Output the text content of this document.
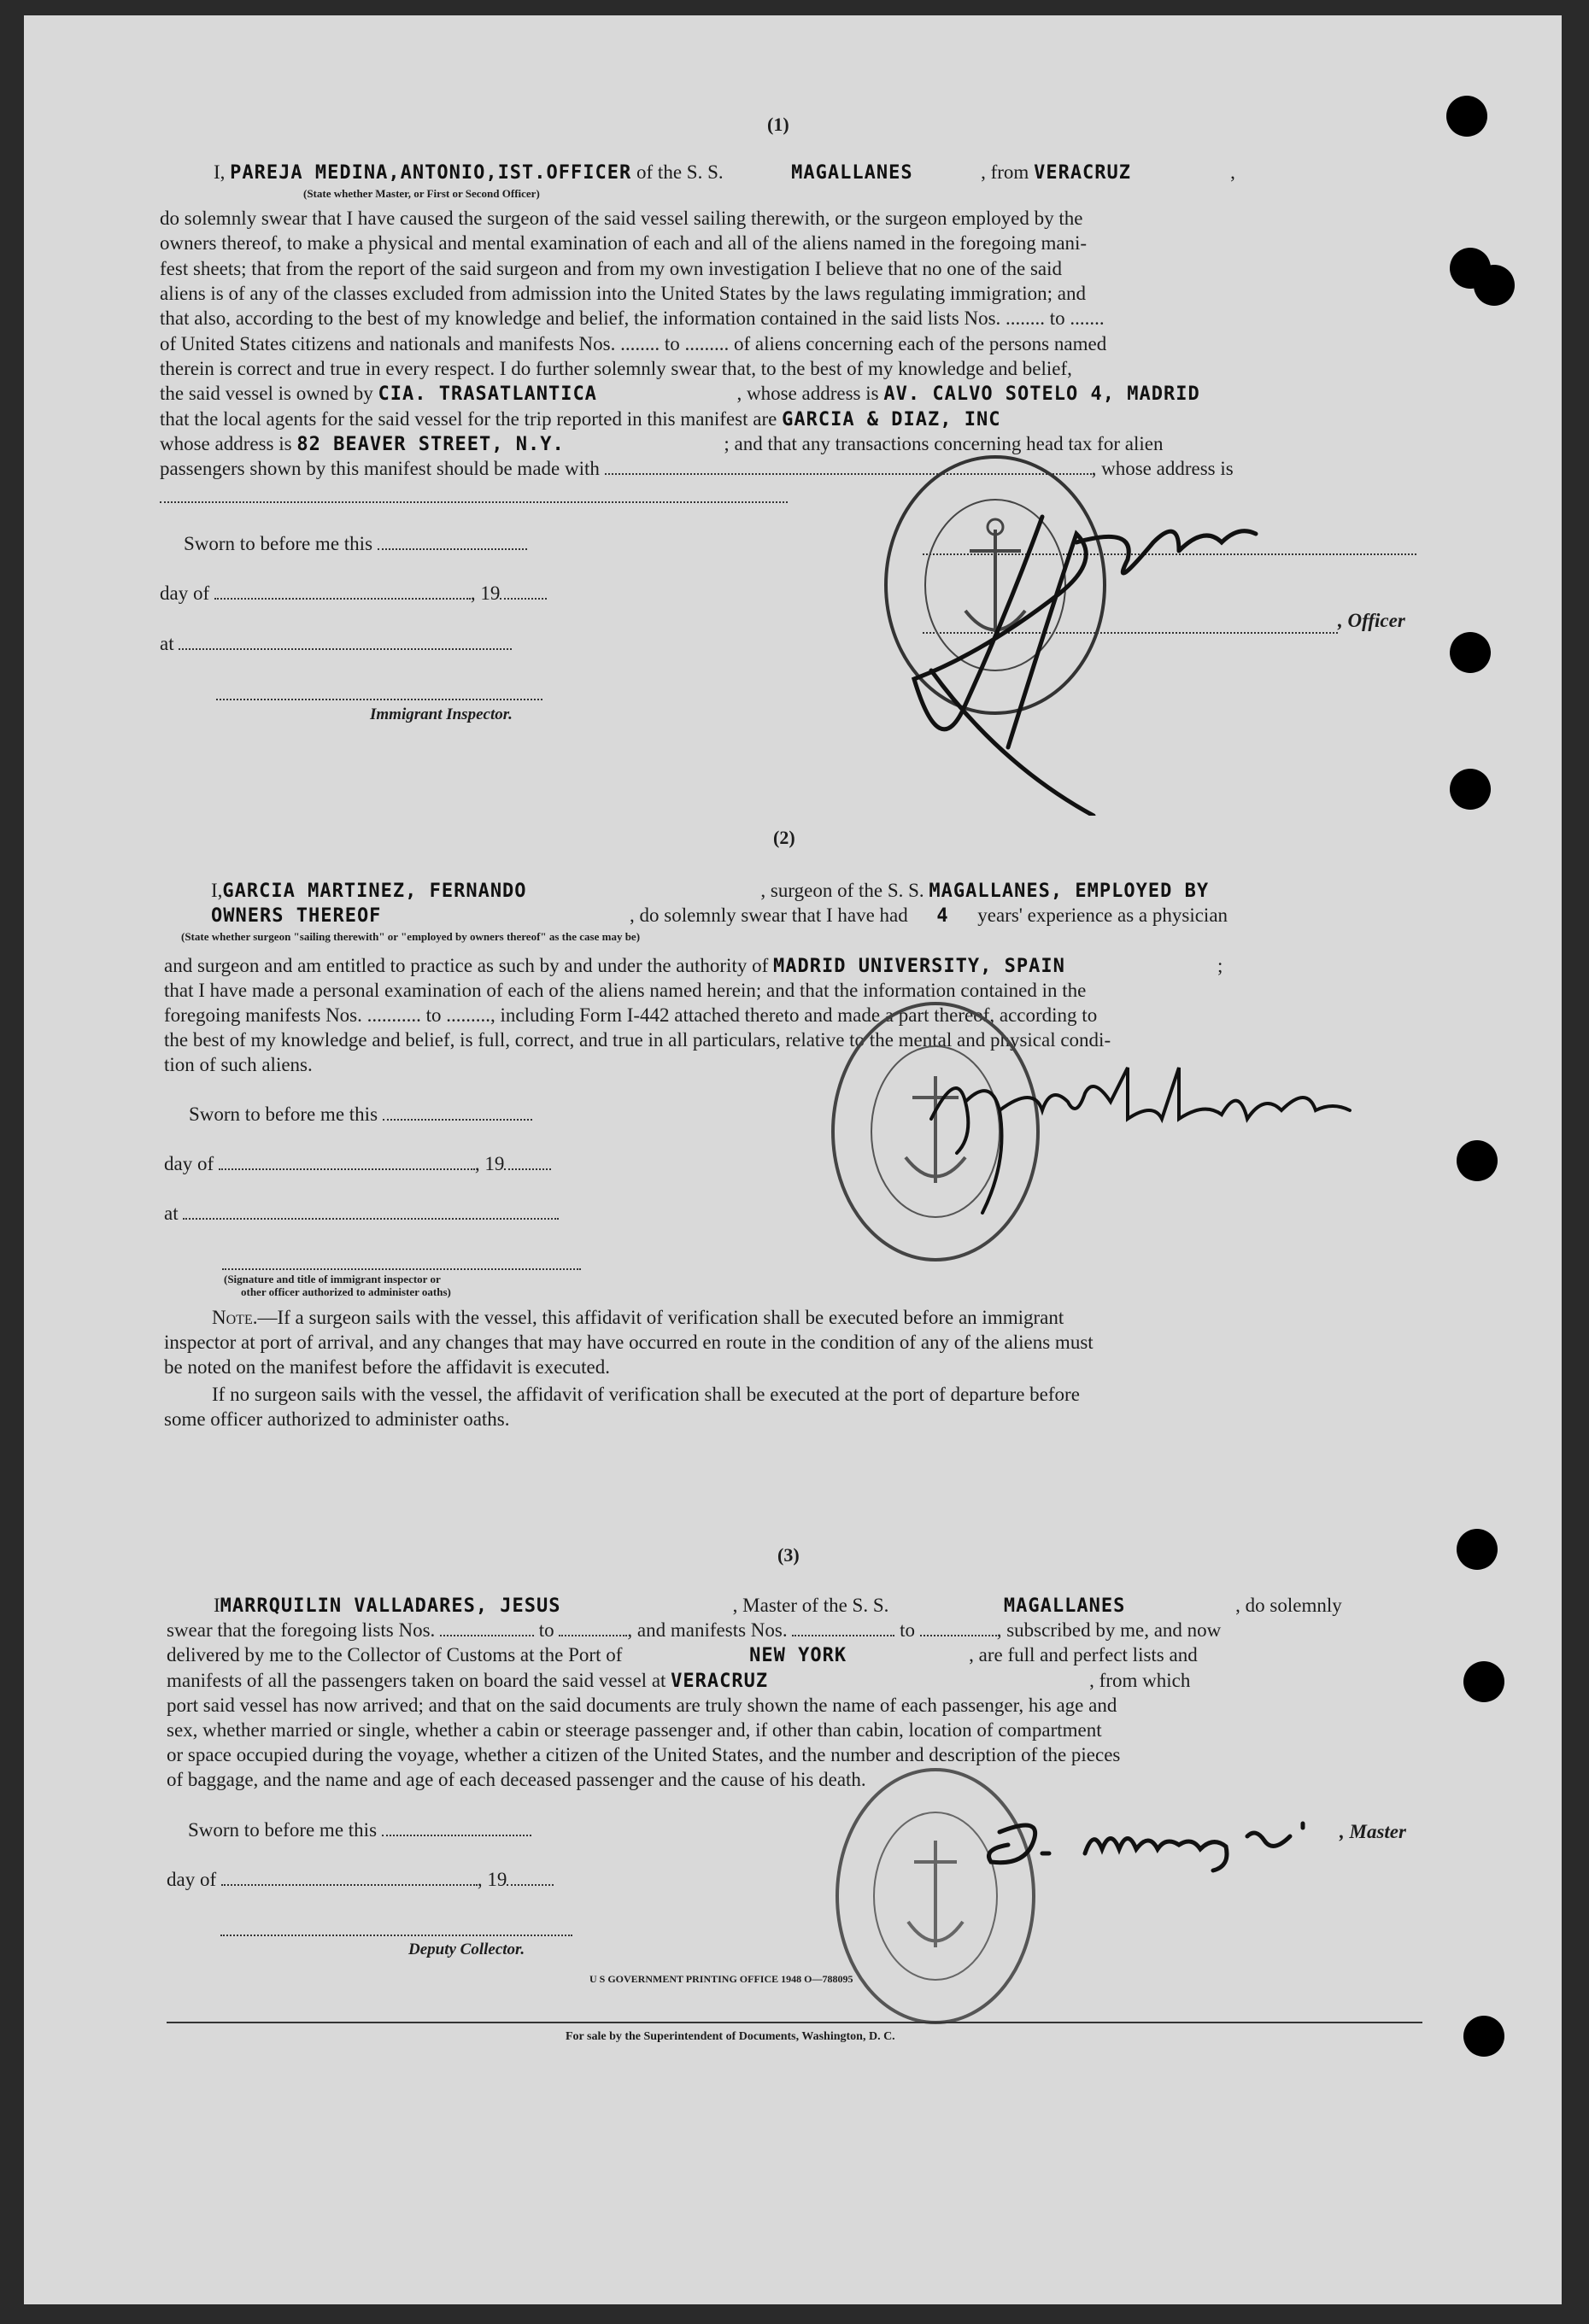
(1)
I, PAREJA MEDINA,ANTONIO,IST.OFFICER of the S. S.	MAGALLANES	, from VERACRUZ	,
(State whether Master, or First or Second Officer)
do solemnly swear that I have caused the surgeon of the said vessel sailing therewith, or the surgeon employed by the
owners thereof, to make a physical and mental examination of each and all of the aliens named in the foregoing mani-
fest sheets; that from the report of the said surgeon and from my own investigation I believe that no one of the said
aliens is of any of the classes excluded from admission into the United States by the laws regulating immigration; and
that also, according to the best of my knowledge and belief, the information contained in the said lists Nos. ........ to .......
of United States citizens and nationals and manifests Nos. ........ to ......... of aliens concerning each of the persons named
therein is correct and true in every respect. I do further solemnly swear that, to the best of my knowledge and belief,
the said vessel is owned by CIA. TRASATLANTICA	, whose address is AV. CALVO SOTELO 4, MADRID
that the local agents for the said vessel for the trip reported in this manifest are GARCIA & DIAZ, INC
whose address is 82 BEAVER STREET, N.Y.	; and that any transactions concerning head tax for alien
passengers shown by this manifest should be made with	, whose address is
Sworn to before me this
day of	, 19
at
Immigrant Inspector.
, Officer
(2)
I,GARCIA MARTINEZ, FERNANDO	, surgeon of the S. S. MAGALLANES, EMPLOYED BY
OWNERS THEREOF	, do solemnly swear that I have had 4 years' experience as a physician
(State whether surgeon "sailing therewith" or "employed by owners thereof" as the case may be)
and surgeon and am entitled to practice as such by and under the authority of MADRID UNIVERSITY, SPAIN	;
that I have made a personal examination of each of the aliens named herein; and that the information contained in the
foregoing manifests Nos. ........... to ........., including Form I-442 attached thereto and made a part thereof, according to
the best of my knowledge and belief, is full, correct, and true in all particulars, relative to the mental and physical condi-
tion of such aliens.
Sworn to before me this
day of	, 19
at
(Signature and title of immigrant inspector or
other officer authorized to administer oaths)
Note.—If a surgeon sails with the vessel, this affidavit of verification shall be executed before an immigrant
inspector at port of arrival, and any changes that may have occurred en route in the condition of any of the aliens must
be noted on the manifest before the affidavit is executed.
If no surgeon sails with the vessel, the affidavit of verification shall be executed at the port of departure before
some officer authorized to administer oaths.
(3)
IMARRQUILIN VALLADARES, JESUS	, Master of the S. S.	MAGALLANES	, do solemnly
swear that the foregoing lists Nos.	to	, and manifests Nos.	to	, subscribed by me, and now
delivered by me to the Collector of Customs at the Port of	NEW YORK	, are full and perfect lists and
manifests of all the passengers taken on board the said vessel at VERACRUZ	, from which
port said vessel has now arrived; and that on the said documents are truly shown the name of each passenger, his age and
sex, whether married or single, whether a cabin or steerage passenger and, if other than cabin, location of compartment
or space occupied during the voyage, whether a citizen of the United States, and the number and description of the pieces
of baggage, and the name and age of each deceased passenger and the cause of his death.
Sworn to before me this
day of	, 19
Deputy Collector.
, Master
U S GOVERNMENT PRINTING OFFICE 1948 O—788095
For sale by the Superintendent of Documents, Washington, D. C.
